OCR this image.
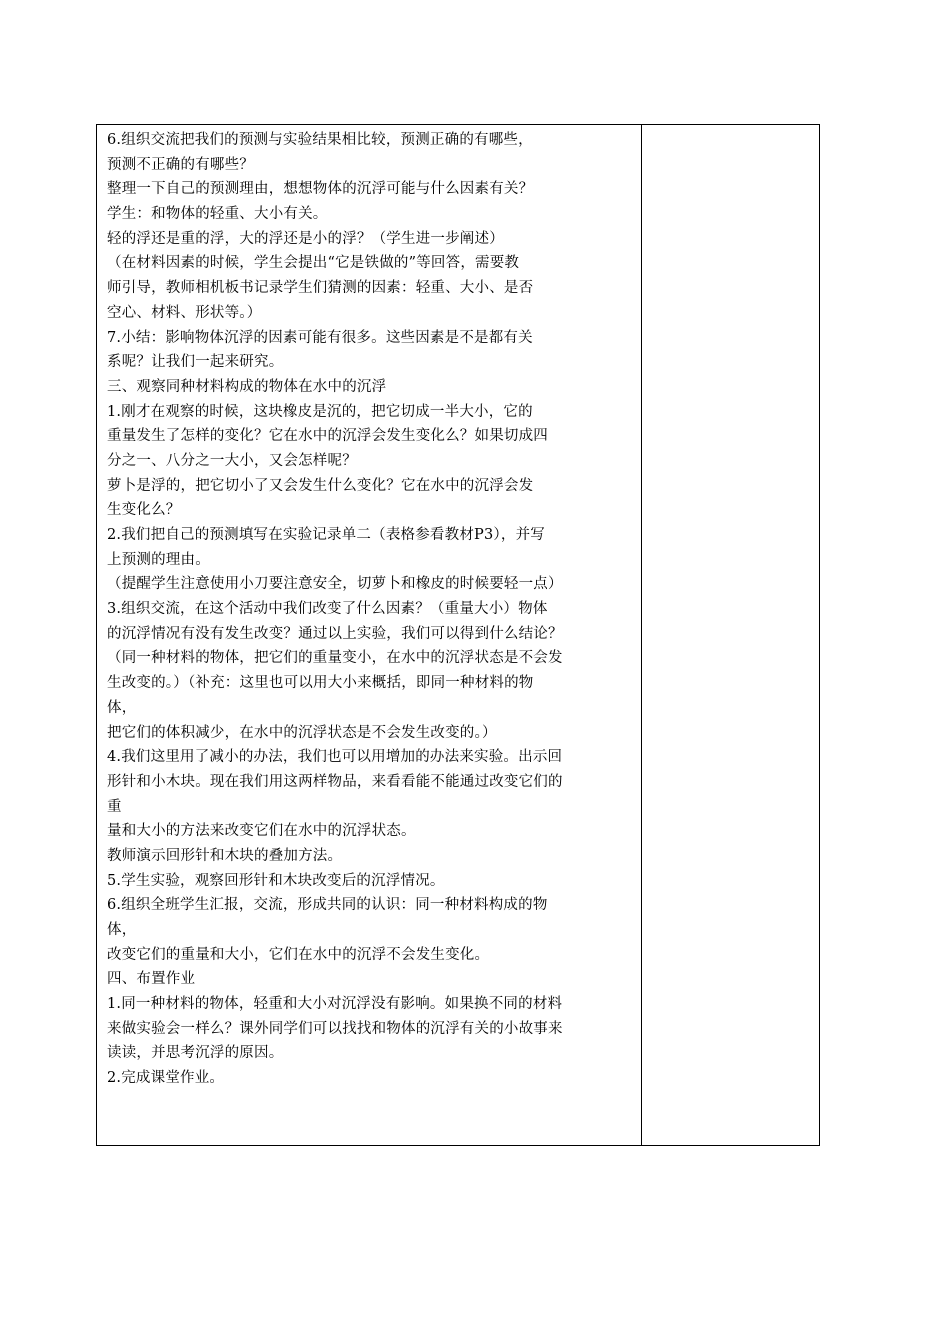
6.组织交流把我们的预测与实验结果相比较，预测正确的有哪些，
预测不正确的有哪些？
整理一下自己的预测理由，想想物体的沉浮可能与什么因素有关？
学生：和物体的轻重、大小有关。
轻的浮还是重的浮，大的浮还是小的浮？（学生进一步阐述）
（在材料因素的时候，学生会提出“它是铁做的”等回答，需要教
师引导，教师相机板书记录学生们猜测的因素：轻重、大小、是否
空心、材料、形状等。）
7.小结：影响物体沉浮的因素可能有很多。这些因素是不是都有关
系呢？让我们一起来研究。
三、观察同种材料构成的物体在水中的沉浮
1.刚才在观察的时候，这块橡皮是沉的，把它切成一半大小，它的
重量发生了怎样的变化？它在水中的沉浮会发生变化么？如果切成四
分之一、八分之一大小，又会怎样呢？
萝卜是浮的，把它切小了又会发生什么变化？它在水中的沉浮会发
生变化么？
2.我们把自己的预测填写在实验记录单二（表格参看教材P3），并写
上预测的理由。
（提醒学生注意使用小刀要注意安全，切萝卜和橡皮的时候要轻一点）
3.组织交流，在这个活动中我们改变了什么因素？（重量大小）物体
的沉浮情况有没有发生改变？通过以上实验，我们可以得到什么结论？
（同一种材料的物体，把它们的重量变小，在水中的沉浮状态是不会发
生改变的。）（补充：这里也可以用大小来概括，即同一种材料的物
体，
把它们的体积减少，在水中的沉浮状态是不会发生改变的。）
4.我们这里用了减小的办法，我们也可以用增加的办法来实验。出示回
形针和小木块。现在我们用这两样物品，来看看能不能通过改变它们的
重
量和大小的方法来改变它们在水中的沉浮状态。
教师演示回形针和木块的叠加方法。
5.学生实验，观察回形针和木块改变后的沉浮情况。
6.组织全班学生汇报，交流，形成共同的认识：同一种材料构成的物
体，
改变它们的重量和大小，它们在水中的沉浮不会发生变化。
四、布置作业
1.同一种材料的物体，轻重和大小对沉浮没有影响。如果换不同的材料
来做实验会一样么？课外同学们可以找找和物体的沉浮有关的小故事来
读读，并思考沉浮的原因。
2.完成课堂作业。
